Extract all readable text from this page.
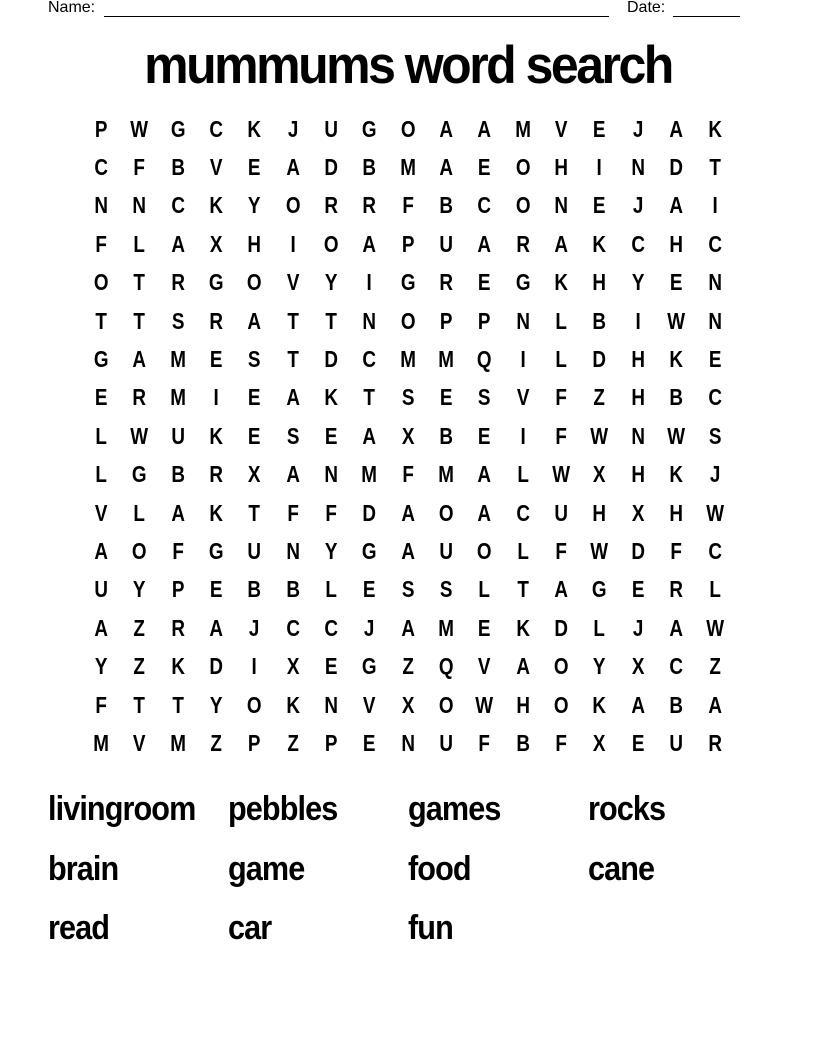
Name:	Date:
mummums word search
P	W G	C	K	J	U	G	O	A	A	M	V	E	J	A	K
C	F	B	V	E	A	D	B	M	A	E	O	H	I	N	D	T
N	N	C	K	Y	O	R	R	F	B	C	O	N	E	J	A	I
F	L	A	X	H	I	O	A	P	U	A	R	A	K	C	H	C
O	T	R	G	O	V	Y	I	G	R	E	G	K	H	Y	E	N
T	T	S	R	A	T	T	N	O	P	P	N	L	B	I	W N
G	A	M	E	S	T	D	C	M M	Q	I	L	D	H	K	E
E	R	M	I	E	A	K	T	S	E	S	V	F	Z	H	B	C
L	W U	K	E	S	E	A	X	B	E	I	F	W N W	S
L	G	B	R	X	A	N	M	F	M	A	L	W	X	H	K	J
V	L	A	K	T	F	F	D	A	O	A	C	U	H	X	H W
A	O	F	G	U	N	Y	G	A	U	O	L	F	W D	F	C
U	Y	P	E	B	B	L	E	S	S	L	T	A	G	E	R	L
A	Z	R	A	J	C	C	J	A	M	E	K	D	L	J	A W
Y	Z	K	D	I	X	E	G	Z	Q	V	A	O	Y	X	C	Z
F	T	T	Y	O	K	N	V	X	O W H	O	K	A	B	A
M	V	M	Z	P	Z	P	E	N	U	F	B	F	X	E	U	R
livingroom pebbles	games	rocks
brain	game	food	cane
read	car	fun
